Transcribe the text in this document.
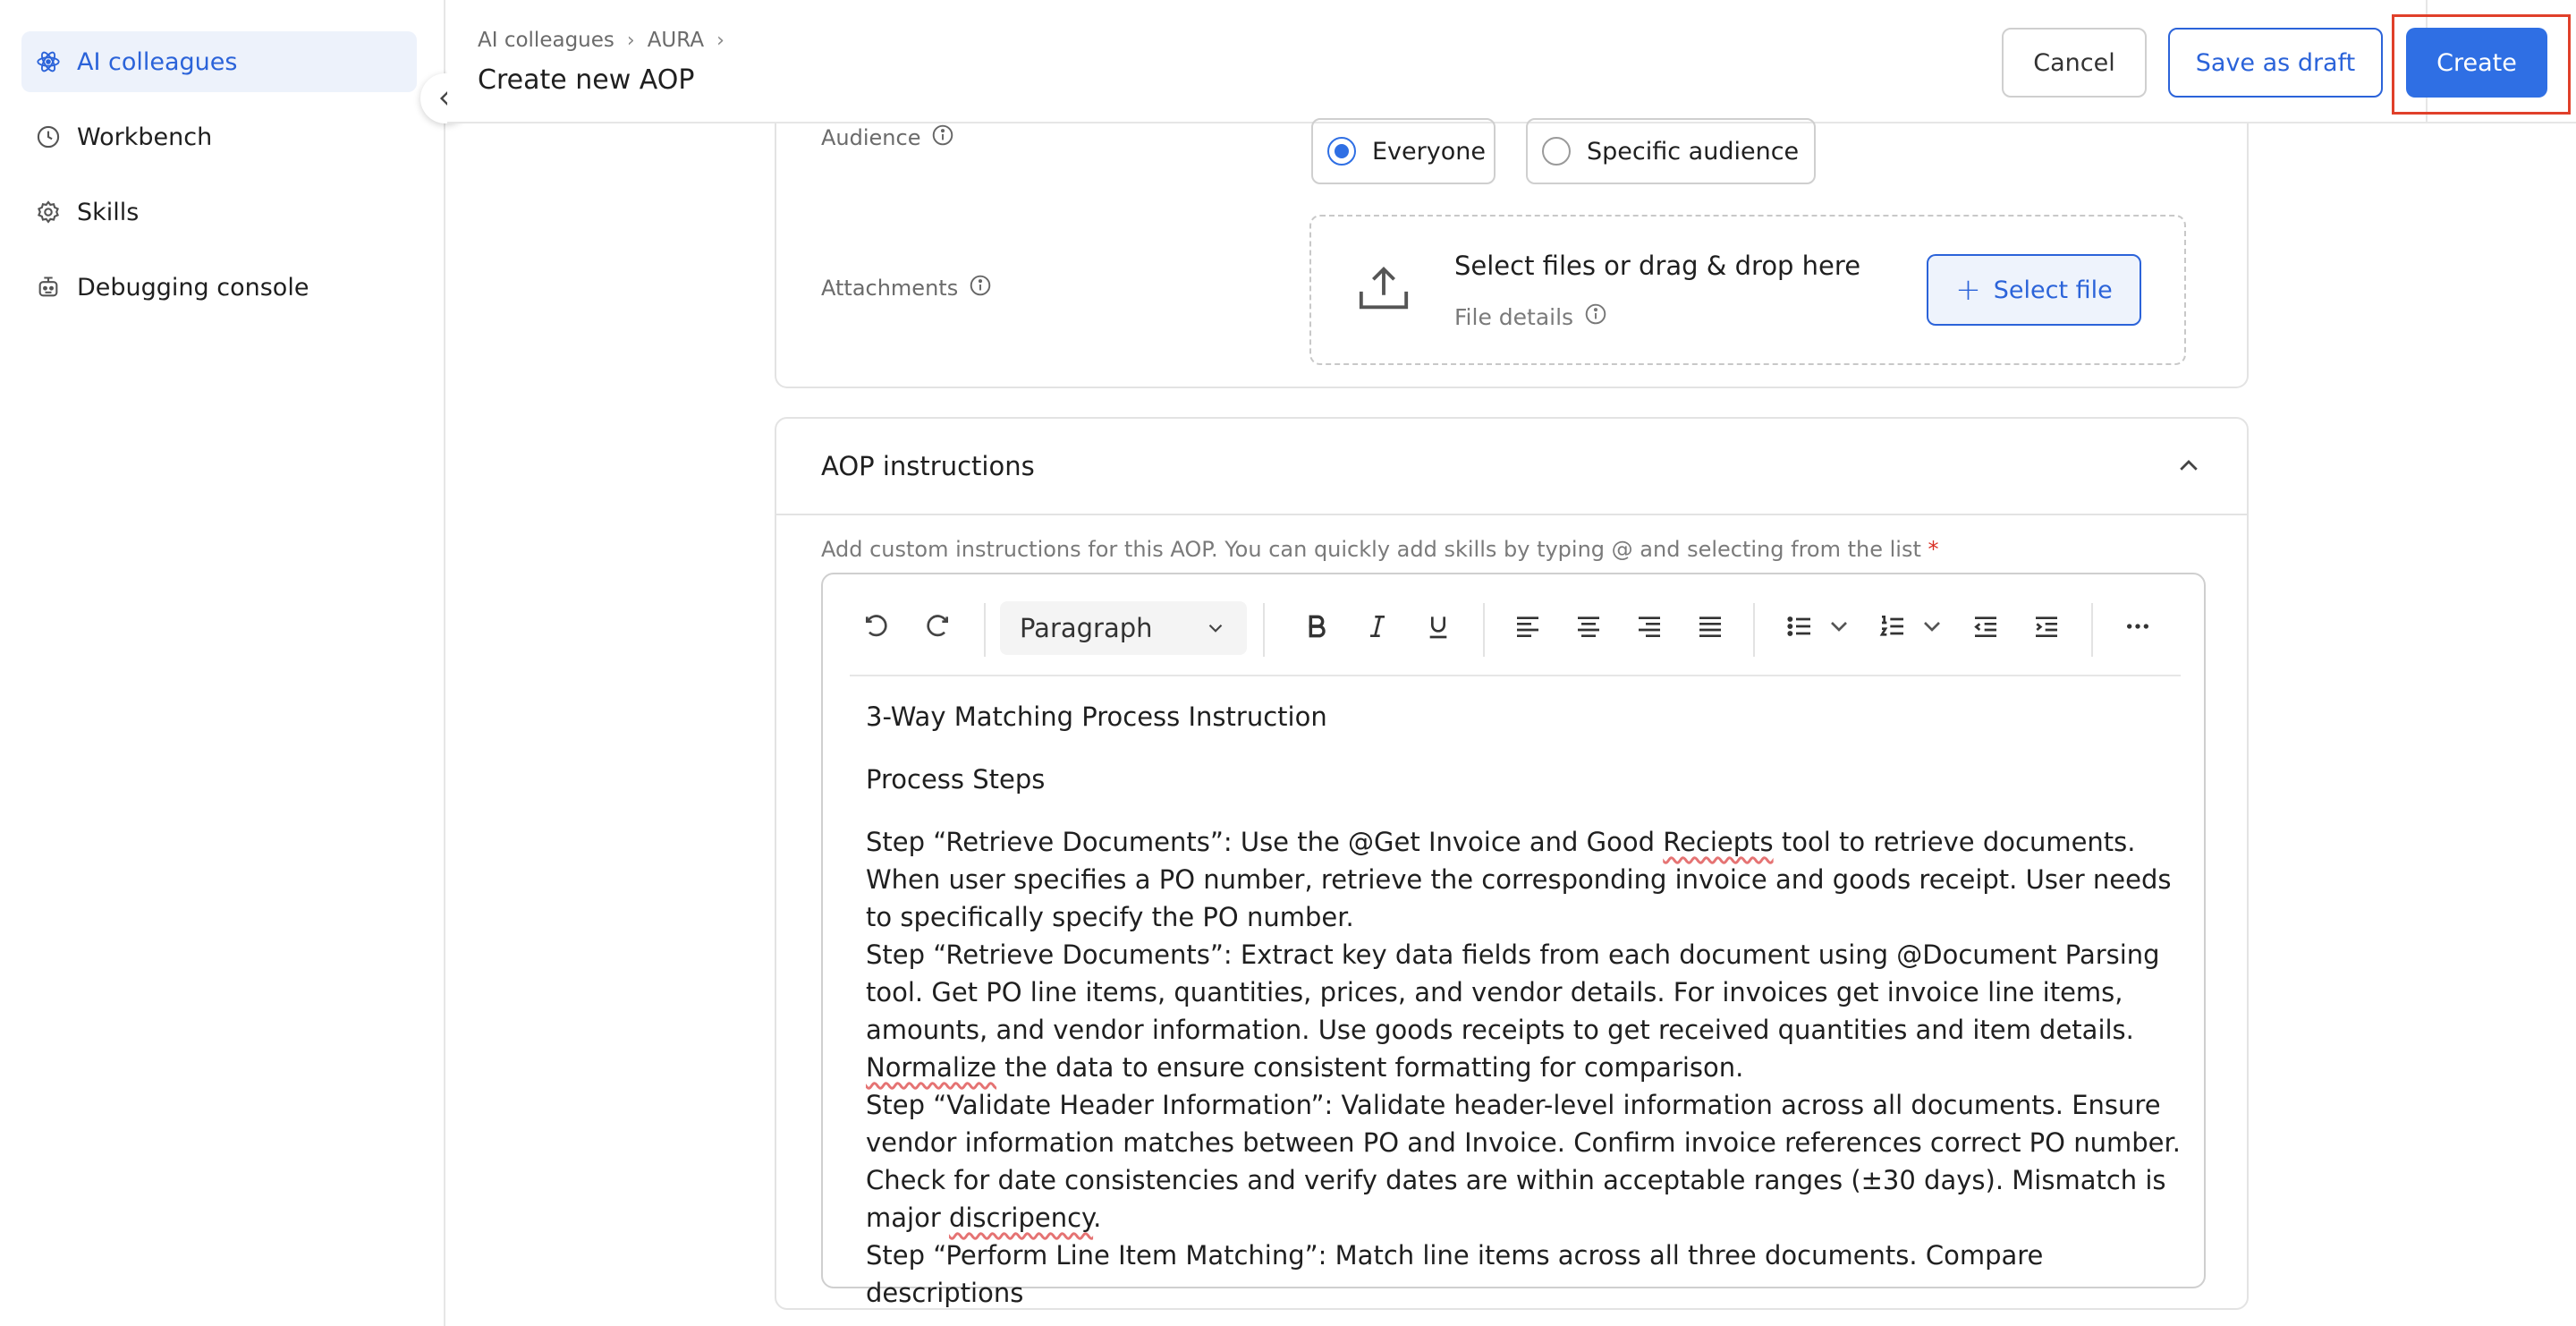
AI colleagues
Workbench
Skills
Debugging console
AI colleagues › AURA ›
Create new AOP
Cancel	Save as draft	Create
Audience	Everyone	Specific audience
Attachments
Select files or drag & drop here
File details
+ Select file
AOP instructions
Add custom instructions for this AOP. You can quickly add skills by typing @ and selecting from the list *
Paragraph

3-Way Matching Process Instruction

Process Steps

Step “Retrieve Documents”: Use the @Get Invoice and Good Reciepts tool to retrieve documents. When user specifies a PO number, retrieve the corresponding invoice and goods receipt. User needs to specifically specify the PO number.

Step “Retrieve Documents”: Extract key data fields from each document using @Document Parsing tool. Get PO line items, quantities, prices, and vendor details. For invoices get invoice line items, amounts, and vendor information. Use goods receipts to get received quantities and item details. Normalize the data to ensure consistent formatting for comparison.

Step “Validate Header Information”: Validate header-level information across all documents. Ensure vendor information matches between PO and Invoice. Confirm invoice references correct PO number. Check for date consistencies and verify dates are within acceptable ranges (±30 days). Mismatch is major discripency.

Step “Perform Line Item Matching”: Match line items across all three documents. Compare descriptions
